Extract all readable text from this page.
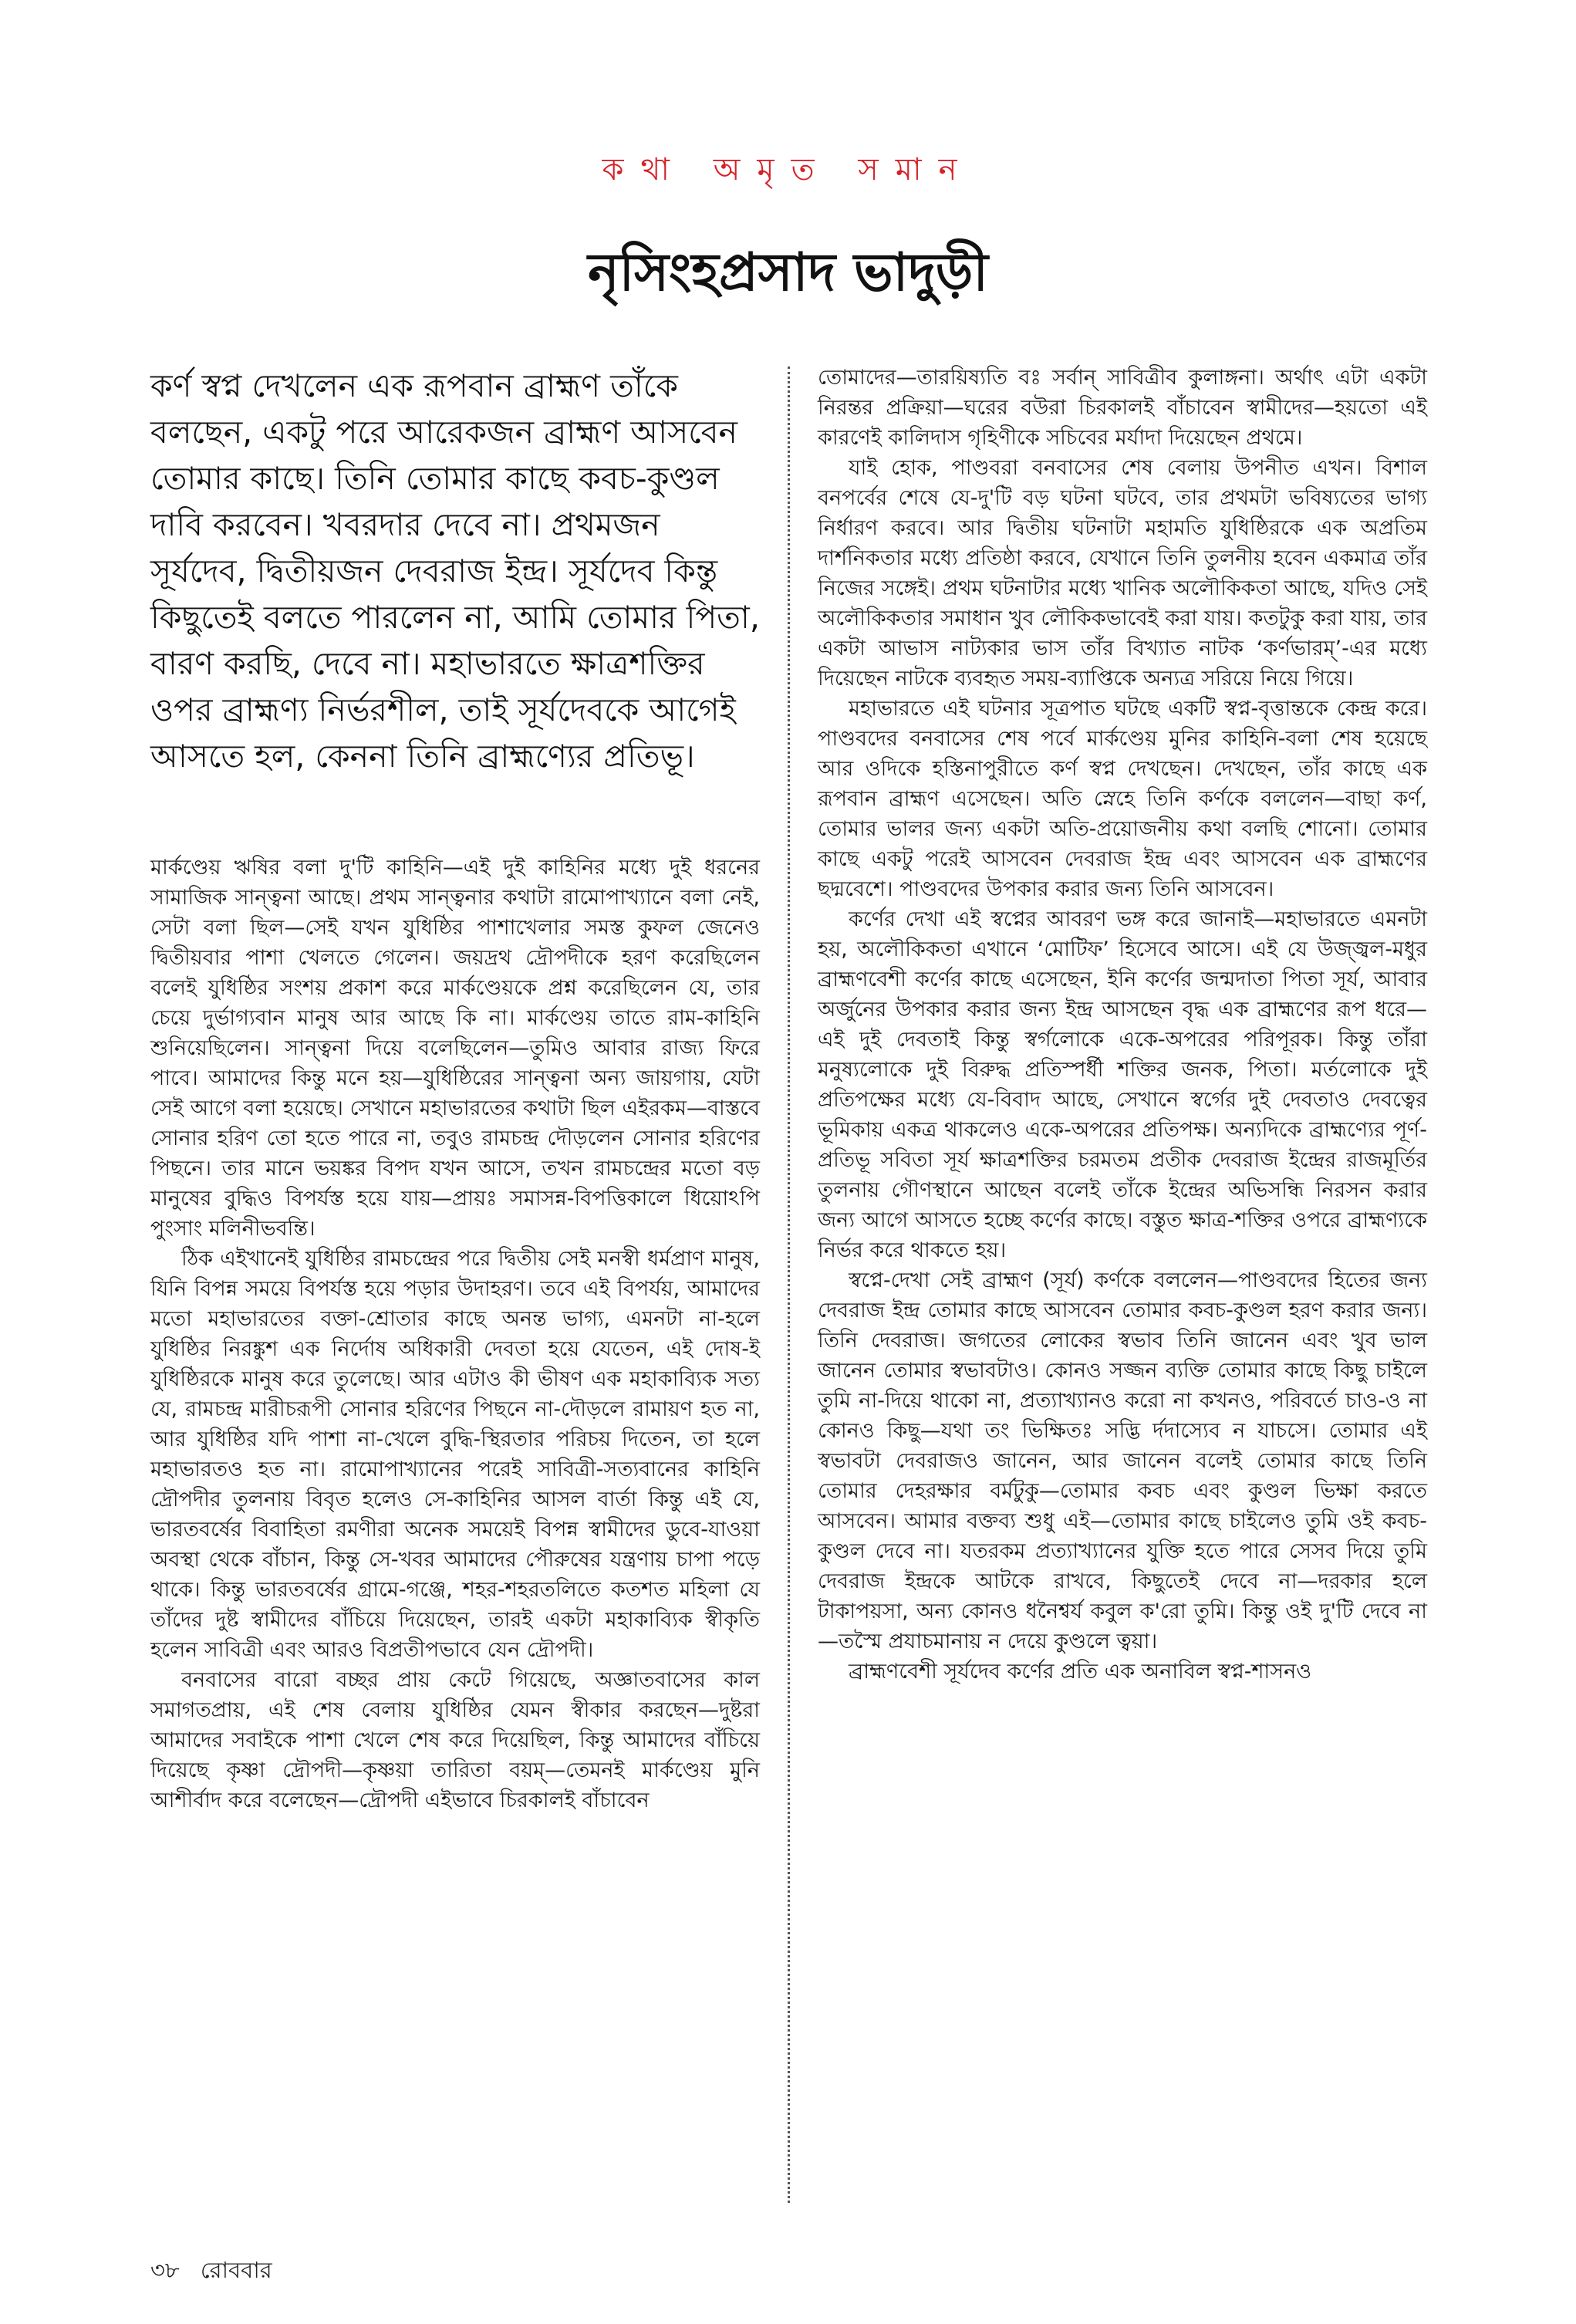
কথা অমৃত সমান
নৃসিংহপ্রসাদ ভাদুড়ী

কর্ণ স্বপ্ন দেখলেন এক রূপবান ব্রাহ্মণ তাঁকে বলছেন, একটু পরে আরেকজন ব্রাহ্মণ আসবেন তোমার কাছে। তিনি তোমার কাছে কবচ-কুণ্ডল দাবি করবেন। খবরদার দেবে না। প্রথমজন সূর্যদেব, দ্বিতীয়জন দেবরাজ ইন্দ্র। সূর্যদেব কিন্তু কিছুতেই বলতে পারলেন না, আমি তোমার পিতা, বারণ করছি, দেবে না। মহাভারতে ক্ষাত্রশক্তির ওপর ব্রাহ্মণ্য নির্ভরশীল, তাই সূর্যদেবকে আগেই আসতে হল, কেননা তিনি ব্রাহ্মণ্যের প্রতিভূ।

মার্কণ্ডেয় ঋষির বলা দু'টি কাহিনি—এই দুই কাহিনির মধ্যে দুই ধরনের সামাজিক সান্ত্বনা আছে। প্রথম সান্ত্বনার কথাটা রামোপাখ্যানে বলা নেই, সেটা বলা ছিল—সেই যখন যুধিষ্ঠির পাশাখেলার সমস্ত কুফল জেনেও দ্বিতীয়বার পাশা খেলতে গেলেন। জয়দ্রথ দ্রৌপদীকে হরণ করেছিলেন বলেই যুধিষ্ঠির সংশয় প্রকাশ করে মার্কণ্ডেয়কে প্রশ্ন করেছিলেন যে, তার চেয়ে দুর্ভাগ্যবান মানুষ আর আছে কি না। মার্কণ্ডেয় তাতে রাম-কাহিনি শুনিয়েছিলেন। সান্ত্বনা দিয়ে বলেছিলেন—তুমিও আবার রাজ্য ফিরে পাবে। আমাদের কিন্তু মনে হয়—যুধিষ্ঠিরের সান্ত্বনা অন্য জায়গায়, যেটা সেই আগে বলা হয়েছে। সেখানে মহাভারতের কথাটা ছিল এইরকম—বাস্তবে সোনার হরিণ তো হতে পারে না, তবুও রামচন্দ্র দৌড়লেন সোনার হরিণের পিছনে। তার মানে ভয়ঙ্কর বিপদ যখন আসে, তখন রামচন্দ্রের মতো বড় মানুষের বুদ্ধিও বিপর্যস্ত হয়ে যায়—প্রায়ঃ সমাসন্ন-বিপত্তিকালে ধিয়োঽপি পুংসাং মলিনীভবন্তি।

ঠিক এইখানেই যুধিষ্ঠির রামচন্দ্রের পরে দ্বিতীয় সেই মনস্বী ধর্মপ্রাণ মানুষ, যিনি বিপন্ন সময়ে বিপর্যস্ত হয়ে পড়ার উদাহরণ। তবে এই বিপর্যয়, আমাদের মতো মহাভারতের বক্তা-শ্রোতার কাছে অনন্ত ভাগ্য, এমনটা না-হলে যুধিষ্ঠির নিরঙ্কুশ এক নির্দোষ অধিকারী দেবতা হয়ে যেতেন, এই দোষ-ই যুধিষ্ঠিরকে মানুষ করে তুলেছে। আর এটাও কী ভীষণ এক মহাকাব্যিক সত্য যে, রামচন্দ্র মারীচরূপী সোনার হরিণের পিছনে না-দৌড়লে রামায়ণ হত না, আর যুধিষ্ঠির যদি পাশা না-খেলে বুদ্ধি-স্থিরতার পরিচয় দিতেন, তা হলে মহাভারতও হত না। রামোপাখ্যানের পরেই সাবিত্রী-সত্যবানের কাহিনি দ্রৌপদীর তুলনায় বিবৃত হলেও সে-কাহিনির আসল বার্তা কিন্তু এই যে, ভারতবর্ষের বিবাহিতা রমণীরা অনেক সময়েই বিপন্ন স্বামীদের ডুবে-যাওয়া অবস্থা থেকে বাঁচান, কিন্তু সে-খবর আমাদের পৌরুষের যন্ত্রণায় চাপা পড়ে থাকে। কিন্তু ভারতবর্ষের গ্রামে-গঞ্জে, শহর-শহরতলিতে কতশত মহিলা যে তাঁদের দুষ্ট স্বামীদের বাঁচিয়ে দিয়েছেন, তারই একটা মহাকাব্যিক স্বীকৃতি হলেন সাবিত্রী এবং আরও বিপ্রতীপভাবে যেন দ্রৌপদী।

বনবাসের বারো বচ্ছর প্রায় কেটে গিয়েছে, অজ্ঞাতবাসের কাল সমাগতপ্রায়, এই শেষ বেলায় যুধিষ্ঠির যেমন স্বীকার করছেন—দুষ্টরা আমাদের সবাইকে পাশা খেলে শেষ করে দিয়েছিল, কিন্তু আমাদের বাঁচিয়ে দিয়েছে কৃষ্ণা দ্রৌপদী—কৃষ্ণয়া তারিতা বয়ম্—তেমনই মার্কণ্ডেয় মুনি আশীর্বাদ করে বলেছেন—দ্রৌপদী এইভাবে চিরকালই বাঁচাবেন

তোমাদের—তারয়িষ্যতি বঃ সর্বান্ সাবিত্রীব কুলাঙ্গনা। অর্থাৎ এটা একটা নিরন্তর প্রক্রিয়া—ঘরের বউরা চিরকালই বাঁচাবেন স্বামীদের—হয়তো এই কারণেই কালিদাস গৃহিণীকে সচিবের মর্যাদা দিয়েছেন প্রথমে।

যাই হোক, পাণ্ডবরা বনবাসের শেষ বেলায় উপনীত এখন। বিশাল বনপর্বের শেষে যে-দু'টি বড় ঘটনা ঘটবে, তার প্রথমটা ভবিষ্যতের ভাগ্য নির্ধারণ করবে। আর দ্বিতীয় ঘটনাটা মহামতি যুধিষ্ঠিরকে এক অপ্রতিম দার্শনিকতার মধ্যে প্রতিষ্ঠা করবে, যেখানে তিনি তুলনীয় হবেন একমাত্র তাঁর নিজের সঙ্গেই। প্রথম ঘটনাটার মধ্যে খানিক অলৌকিকতা আছে, যদিও সেই অলৌকিকতার সমাধান খুব লৌকিকভাবেই করা যায়। কতটুকু করা যায়, তার একটা আভাস নাট্যকার ভাস তাঁর বিখ্যাত নাটক ‘কর্ণভারম্’-এর মধ্যে দিয়েছেন নাটকে ব্যবহৃত সময়-ব্যাপ্তিকে অন্যত্র সরিয়ে নিয়ে গিয়ে।

মহাভারতে এই ঘটনার সূত্রপাত ঘটছে একটি স্বপ্ন-বৃত্তান্তকে কেন্দ্র করে। পাণ্ডবদের বনবাসের শেষ পর্বে মার্কণ্ডেয় মুনির কাহিনি-বলা শেষ হয়েছে আর ওদিকে হস্তিনাপুরীতে কর্ণ স্বপ্ন দেখছেন। দেখছেন, তাঁর কাছে এক রূপবান ব্রাহ্মণ এসেছেন। অতি স্নেহে তিনি কর্ণকে বললেন—বাছা কর্ণ, তোমার ভালর জন্য একটা অতি-প্রয়োজনীয় কথা বলছি শোনো। তোমার কাছে একটু পরেই আসবেন দেবরাজ ইন্দ্র এবং আসবেন এক ব্রাহ্মণের ছদ্মবেশে। পাণ্ডবদের উপকার করার জন্য তিনি আসবেন।

কর্ণের দেখা এই স্বপ্নের আবরণ ভঙ্গ করে জানাই—মহাভারতে এমনটা হয়, অলৌকিকতা এখানে ‘মোটিফ’ হিসেবে আসে। এই যে উজ্জ্বল-মধুর ব্রাহ্মণবেশী কর্ণের কাছে এসেছেন, ইনি কর্ণের জন্মদাতা পিতা সূর্য, আবার অর্জুনের উপকার করার জন্য ইন্দ্র আসছেন বৃদ্ধ এক ব্রাহ্মণের রূপ ধরে—এই দুই দেবতাই কিন্তু স্বর্গলোকে একে-অপরের পরিপূরক। কিন্তু তাঁরা মনুষ্যলোকে দুই বিরুদ্ধ প্রতিস্পর্ধী শক্তির জনক, পিতা। মর্তলোকে দুই প্রতিপক্ষের মধ্যে যে-বিবাদ আছে, সেখানে স্বর্গের দুই দেবতাও দেবত্বের ভূমিকায় একত্র থাকলেও একে-অপরের প্রতিপক্ষ। অন্যদিকে ব্রাহ্মণ্যের পূর্ণ-প্রতিভূ সবিতা সূর্য ক্ষাত্রশক্তির চরমতম প্রতীক দেবরাজ ইন্দ্রের রাজমূর্তির তুলনায় গৌণস্থানে আছেন বলেই তাঁকে ইন্দ্রের অভিসন্ধি নিরসন করার জন্য আগে আসতে হচ্ছে কর্ণের কাছে। বস্তুত ক্ষাত্র-শক্তির ওপরে ব্রাহ্মণ্যকে নির্ভর করে থাকতে হয়।

স্বপ্নে-দেখা সেই ব্রাহ্মণ (সূর্য) কর্ণকে বললেন—পাণ্ডবদের হিতের জন্য দেবরাজ ইন্দ্র তোমার কাছে আসবেন তোমার কবচ-কুণ্ডল হরণ করার জন্য। তিনি দেবরাজ। জগতের লোকের স্বভাব তিনি জানেন এবং খুব ভাল জানেন তোমার স্বভাবটাও। কোনও সজ্জন ব্যক্তি তোমার কাছে কিছু চাইলে তুমি না-দিয়ে থাকো না, প্রত্যাখ্যানও করো না কখনও, পরিবর্তে চাও-ও না কোনও কিছু—যথা তং ভিক্ষিতঃ সদ্ভি র্দদাস্যেব ন যাচসে। তোমার এই স্বভাবটা দেবরাজও জানেন, আর জানেন বলেই তোমার কাছে তিনি তোমার দেহরক্ষার বর্মটুকু—তোমার কবচ এবং কুণ্ডল ভিক্ষা করতে আসবেন। আমার বক্তব্য শুধু এই—তোমার কাছে চাইলেও তুমি ওই কবচ-কুণ্ডল দেবে না। যতরকম প্রত্যাখ্যানের যুক্তি হতে পারে সেসব দিয়ে তুমি দেবরাজ ইন্দ্রকে আটকে রাখবে, কিছুতেই দেবে না—দরকার হলে টাকাপয়সা, অন্য কোনও ধনৈশ্বর্য কবুল ক'রো তুমি। কিন্তু ওই দু'টি দেবে না—তস্মৈ প্রযাচমানায় ন দেয়ে কুণ্ডলে ত্বয়া।

ব্রাহ্মণবেশী সূর্যদেব কর্ণের প্রতি এক অনাবিল স্বপ্ন-শাসনও

৩৮ রোববার
